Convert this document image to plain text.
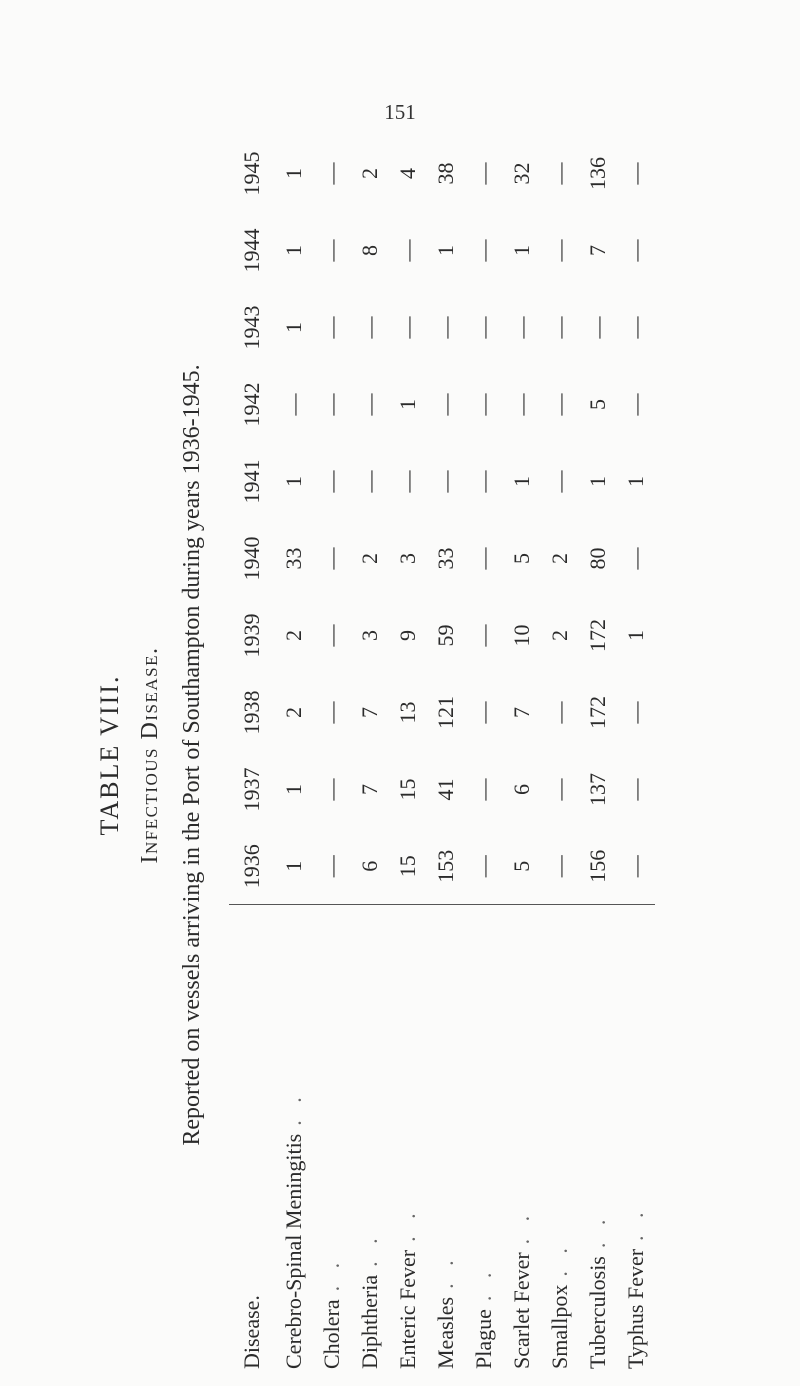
151
TABLE VIII. Infectious Disease. Reported on vessels arriving in the Port of Southampton during years 1936-1945.
Disease.	1936	1937	1938	1939	1940	1941	1942	1943	1944	1945
Cerebro-Spinal Meningitis. .	1	1	2	2	33	1	—	1	1	1
Cholera. .	—	—	—	—	—	—	—	—	—	—
Diphtheria. .	6	7	7	3	2	—	—	—	8	2
Enteric Fever. .	15	15	13	9	3	—	1	—	—	4
Measles. .	153	41	121	59	33	—	—	—	1	38
Plague. .	—	—	—	—	—	—	—	—	—	—
Scarlet Fever. .	5	6	7	10	5	1	—	—	1	32
Smallpox. .	—	—	—	2	2	—	—	—	—	—
Tuberculosis. .	156	137	172	172	80	1	5	—	7	136
Typhus Fever. .	—	—	—	1	—	1	—	—	—	—
